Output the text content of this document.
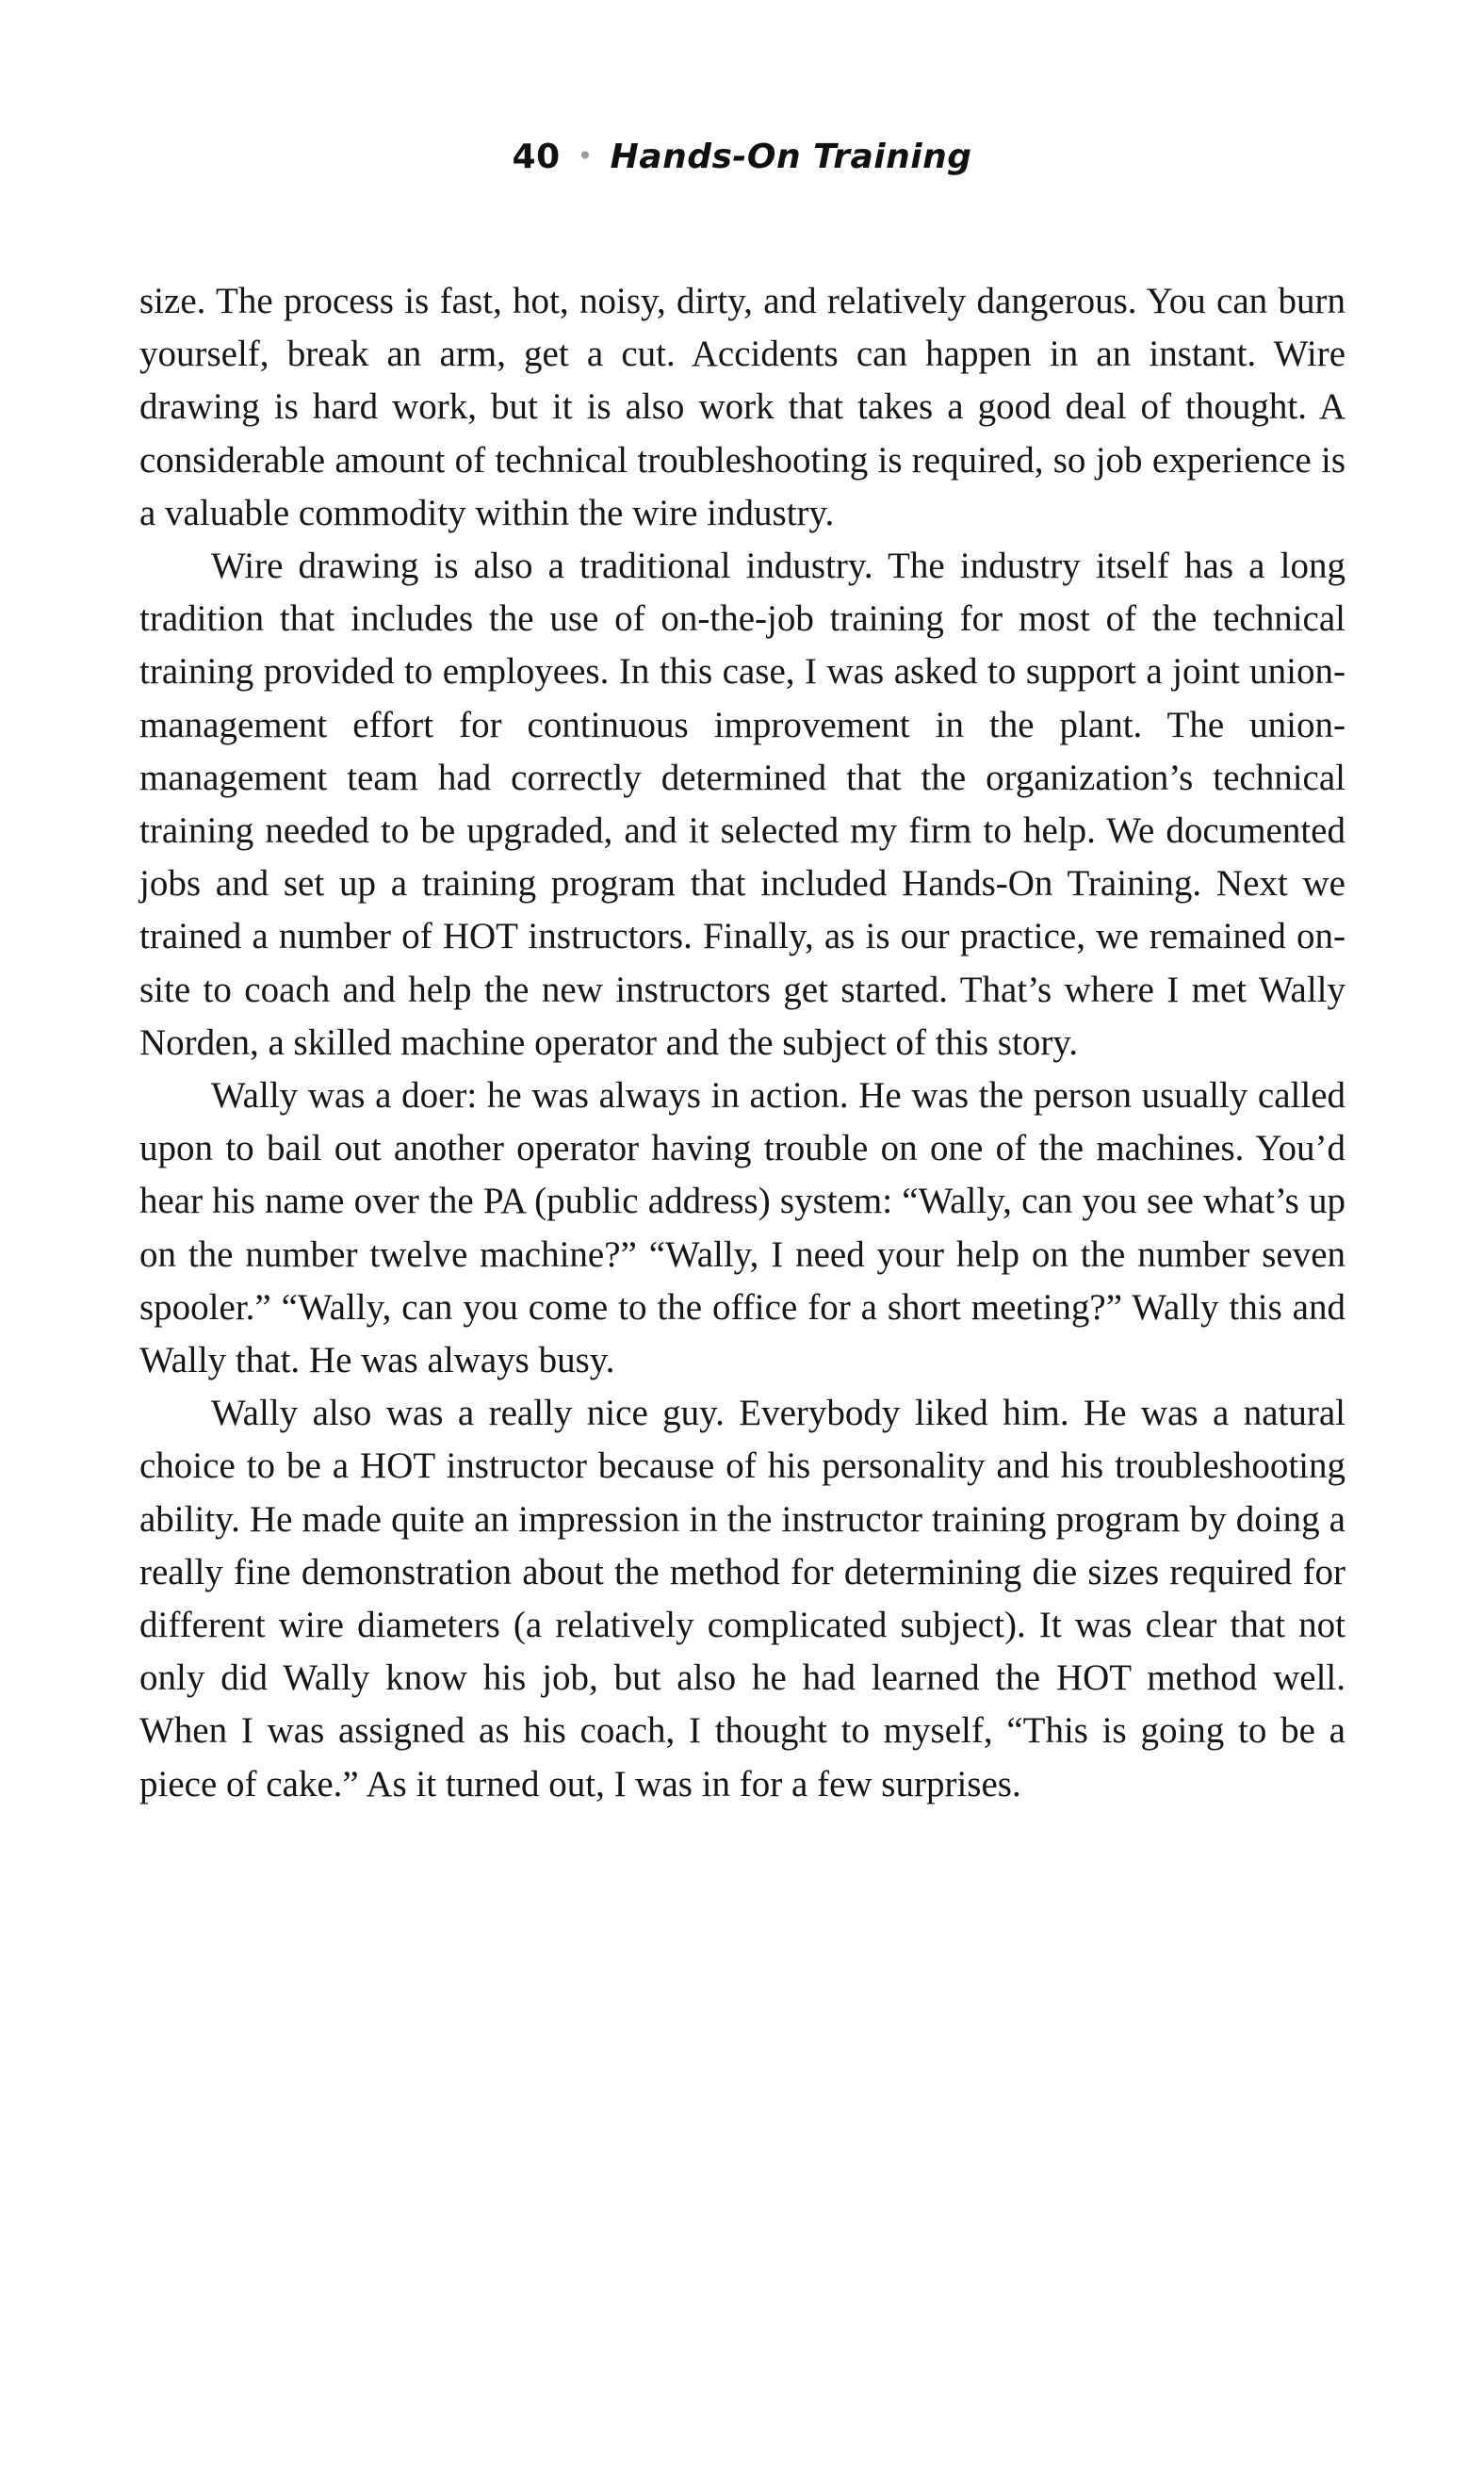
40 • Hands-On Training

size. The process is fast, hot, noisy, dirty, and relatively dangerous. You can burn yourself, break an arm, get a cut. Accidents can happen in an instant. Wire drawing is hard work, but it is also work that takes a good deal of thought. A considerable amount of technical troubleshooting is required, so job experience is a valuable commodity within the wire industry.

Wire drawing is also a traditional industry. The industry itself has a long tradition that includes the use of on-the-job training for most of the technical training provided to employees. In this case, I was asked to support a joint union-management effort for continuous improvement in the plant. The union-management team had correctly determined that the organization’s technical training needed to be upgraded, and it selected my firm to help. We documented jobs and set up a training program that included Hands-On Training. Next we trained a number of HOT instructors. Finally, as is our practice, we remained on-site to coach and help the new instructors get started. That’s where I met Wally Norden, a skilled machine operator and the subject of this story.

Wally was a doer: he was always in action. He was the person usually called upon to bail out another operator having trouble on one of the machines. You’d hear his name over the PA (public address) system: “Wally, can you see what’s up on the number twelve machine?” “Wally, I need your help on the number seven spooler.” “Wally, can you come to the office for a short meeting?” Wally this and Wally that. He was always busy.

Wally also was a really nice guy. Everybody liked him. He was a natural choice to be a HOT instructor because of his personality and his troubleshooting ability. He made quite an impression in the instructor training program by doing a really fine demonstration about the method for determining die sizes required for different wire diameters (a relatively complicated subject). It was clear that not only did Wally know his job, but also he had learned the HOT method well. When I was assigned as his coach, I thought to myself, “This is going to be a piece of cake.” As it turned out, I was in for a few surprises.
